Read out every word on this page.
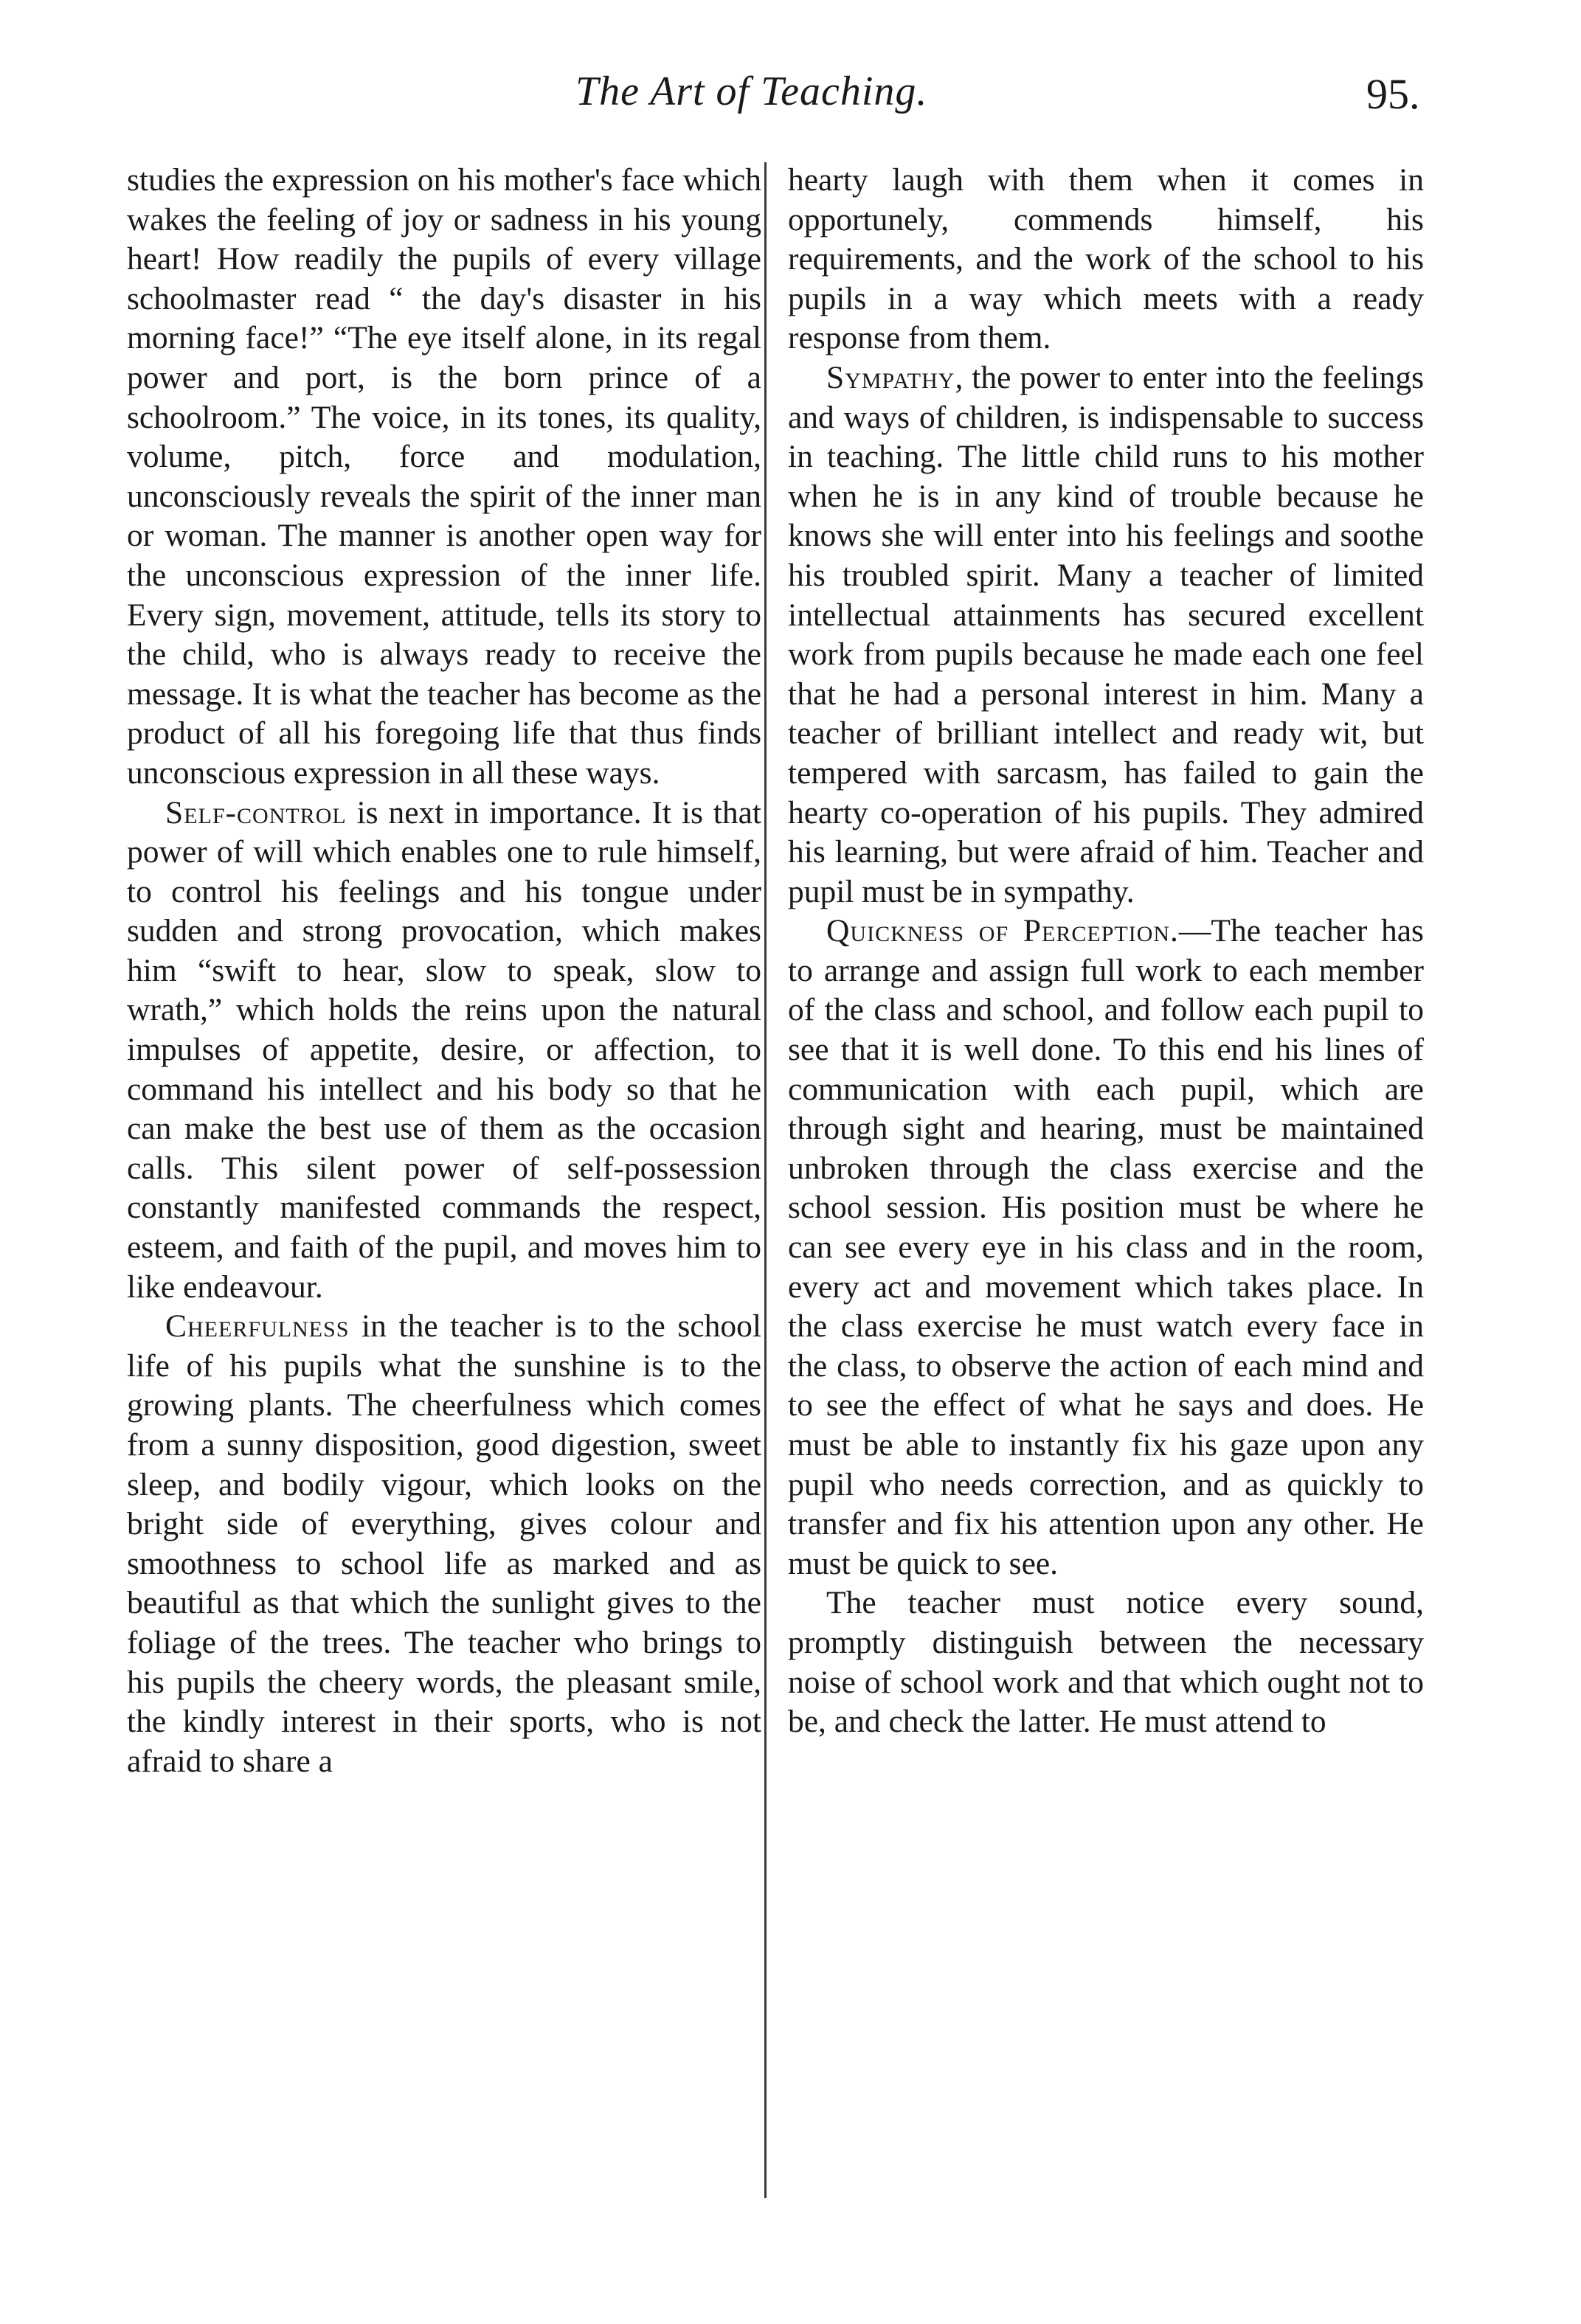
The Art of Teaching.	95.

studies the expression on his mother's face which wakes the feeling of joy or sadness in his young heart! How readily the pupils of every village schoolmaster read “ the day's disaster in his morning face!” “The eye itself alone, in its regal power and port, is the born prince of a schoolroom.” The voice, in its tones, its quality, volume, pitch, force and modulation, unconsciously reveals the spirit of the inner man or woman. The manner is another open way for the unconscious expression of the inner life. Every sign, movement, attitude, tells its story to the child, who is always ready to receive the message. It is what the teacher has become as the product of all his foregoing life that thus finds unconscious expression in all these ways.

Self-control is next in importance. It is that power of will which enables one to rule himself, to control his feelings and his tongue under sudden and strong provocation, which makes him “swift to hear, slow to speak, slow to wrath,” which holds the reins upon the natural impulses of appetite, desire, or affection, to command his intellect and his body so that he can make the best use of them as the occasion calls. This silent power of self-possession constantly manifested commands the respect, esteem, and faith of the pupil, and moves him to like endeavour.

Cheerfulness in the teacher is to the school life of his pupils what the sunshine is to the growing plants. The cheerfulness which comes from a sunny disposition, good digestion, sweet sleep, and bodily vigour, which looks on the bright side of everything, gives colour and smoothness to school life as marked and as beautiful as that which the sunlight gives to the foliage of the trees. The teacher who brings to his pupils the cheery words, the pleasant smile, the kindly interest in their sports, who is not afraid to share a

hearty laugh with them when it comes in opportunely, commends himself, his requirements, and the work of the school to his pupils in a way which meets with a ready response from them.

Sympathy, the power to enter into the feelings and ways of children, is indispensable to success in teaching. The little child runs to his mother when he is in any kind of trouble because he knows she will enter into his feelings and soothe his troubled spirit. Many a teacher of limited intellectual attainments has secured excellent work from pupils because he made each one feel that he had a personal interest in him. Many a teacher of brilliant intellect and ready wit, but tempered with sarcasm, has failed to gain the hearty co-operation of his pupils. They admired his learning, but were afraid of him. Teacher and pupil must be in sympathy.

Quickness of Perception.—The teacher has to arrange and assign full work to each member of the class and school, and follow each pupil to see that it is well done. To this end his lines of communication with each pupil, which are through sight and hearing, must be maintained unbroken through the class exercise and the school session. His position must be where he can see every eye in his class and in the room, every act and movement which takes place. In the class exercise he must watch every face in the class, to observe the action of each mind and to see the effect of what he says and does. He must be able to instantly fix his gaze upon any pupil who needs correction, and as quickly to transfer and fix his attention upon any other. He must be quick to see.

The teacher must notice every sound, promptly distinguish between the necessary noise of school work and that which ought not to be, and check the latter. He must attend to
